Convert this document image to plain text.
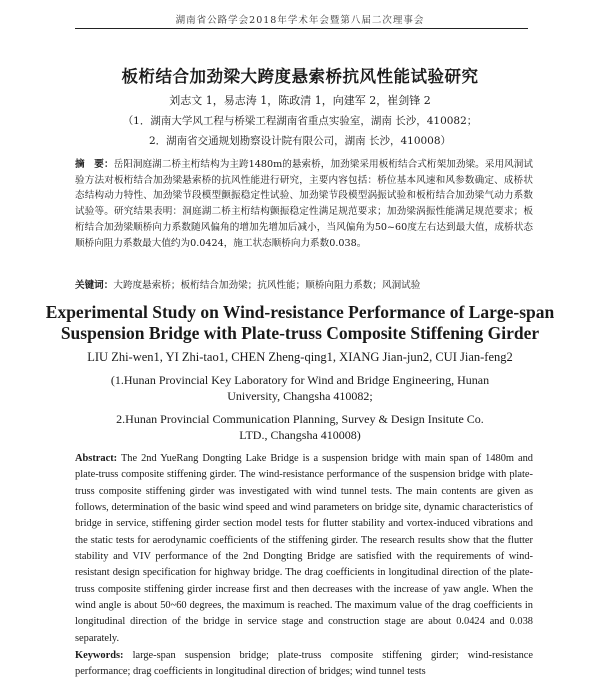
湖南省公路学会2018年学术年会暨第八届二次理事会
板桁结合加劲梁大跨度悬索桥抗风性能试验研究
刘志文 1，易志涛 1，陈政清 1，向建军 2，崔剑锋 2
（1．湖南大学风工程与桥梁工程湖南省重点实验室，湖南 长沙，410082；
2．湖南省交通规划勘察设计院有限公司，湖南 长沙，410008）
摘　要：岳阳洞庭湖二桥主桁结构为主跨1480m的悬索桥，加劲梁采用板桁结合式桁架加劲梁。采用风洞试验方法对板桁结合加劲梁悬索桥的抗风性能进行研究，主要内容包括：桥位基本风速和风参数确定、成桥状态结构动力特性、加劲梁节段模型颤振稳定性试验、加劲梁节段模型涡振试验和板桁结合加劲梁气动力系数试验等。研究结果表明：洞庭湖二桥主桁结构颤振稳定性满足规范要求；加劲梁涡振性能满足规范要求；板桁结合加劲梁顺桥向力系数随风偏角的增加先增加后减小，当风偏角为50~60度左右达到最大值，成桥状态顺桥向阻力系数最大值约为0.0424，施工状态顺桥向力系数0.038。
关键词：大跨度悬索桥；板桁结合加劲梁；抗风性能；顺桥向阻力系数；风洞试验
Experimental Study on Wind-resistance Performance of Large-span Suspension Bridge with Plate-truss Composite Stiffening Girder
LIU Zhi-wen1, YI Zhi-tao1, CHEN Zheng-qing1, XIANG Jian-jun2, CUI Jian-feng2
(1.Hunan Provincial Key Laboratory for Wind and Bridge Engineering, Hunan University, Changsha 410082;
2.Hunan Provincial Communication Planning, Survey & Design Insitute Co. LTD., Changsha 410008)
Abstract: The 2nd YueRang Dongting Lake Bridge is a suspension bridge with main span of 1480m and plate-truss composite stiffening girder. The wind-resistance performance of the suspension bridge with plate-truss composite stiffening girder was investigated with wind tunnel tests. The main contents are given as follows, determination of the basic wind speed and wind parameters on bridge site, dynamic characteristics of bridge in service, stiffening girder section model tests for flutter stability and vortex-induced vibrations and the static tests for aerodynamic coefficients of the stiffening girder. The research results show that the flutter stability and VIV performance of the 2nd Dongting Bridge are satisfied with the requirements of wind-resistant design specification for highway bridge. The drag coefficients in longitudinal direction of the plate-truss composite stiffening girder increase first and then decreases with the increase of yaw angle. When the wind angle is about 50~60 degrees, the maximum is reached. The maximum value of the drag coefficients in longitudinal direction of the bridge in service stage and construction stage are about 0.0424 and 0.038 separately.
Keywords: large-span suspension bridge; plate-truss composite stiffening girder; wind-resistance performance; drag coefficients in longitudinal direction of bridges; wind tunnel tests
